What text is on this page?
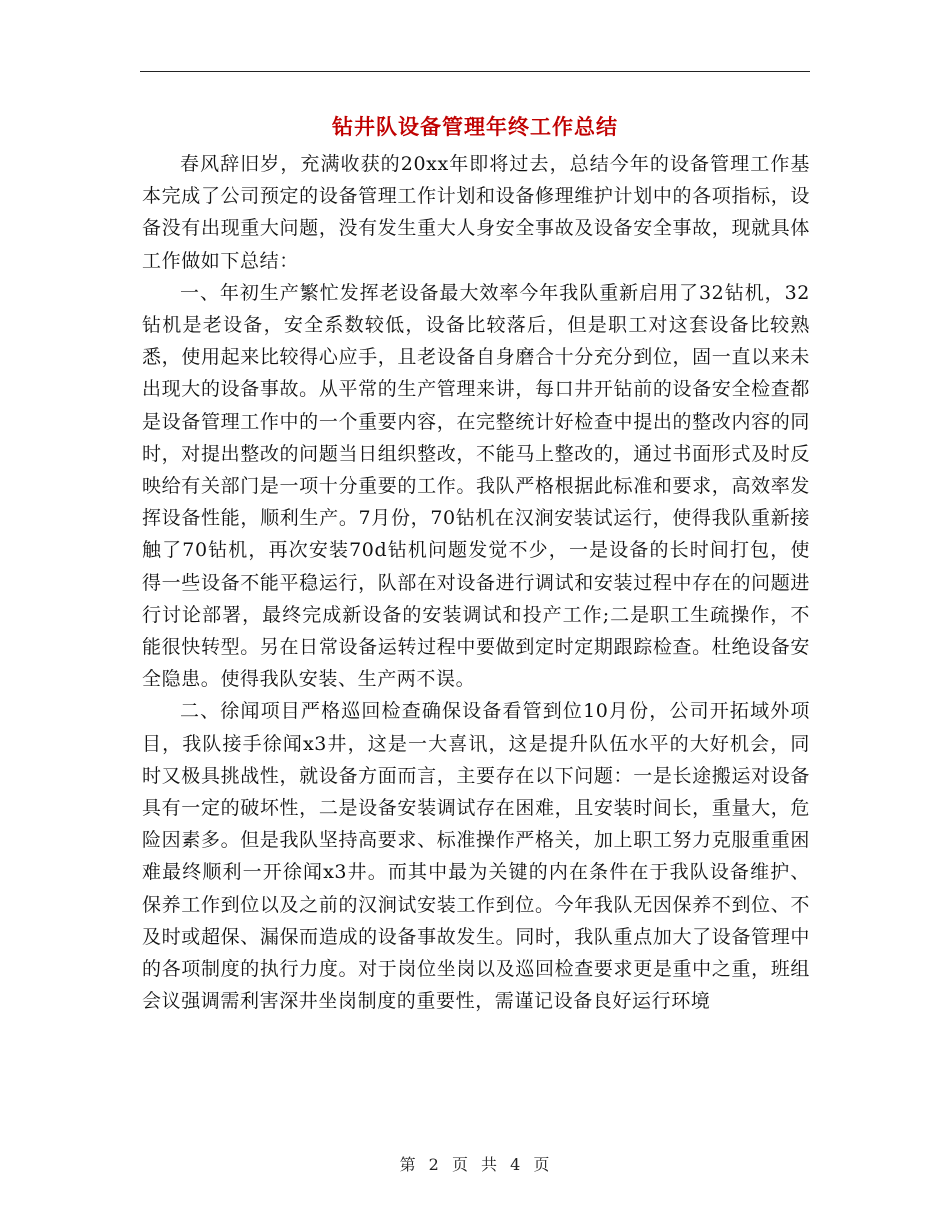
钻井队设备管理年终工作总结

春风辞旧岁，充满收获的20xx年即将过去，总结今年的设备管理工作基本完成了公司预定的设备管理工作计划和设备修理维护计划中的各项指标，设备没有出现重大问题，没有发生重大人身安全事故及设备安全事故，现就具体工作做如下总结：

一、年初生产繁忙发挥老设备最大效率今年我队重新启用了32钻机，32钻机是老设备，安全系数较低，设备比较落后，但是职工对这套设备比较熟悉，使用起来比较得心应手，且老设备自身磨合十分充分到位，固一直以来未出现大的设备事故。从平常的生产管理来讲，每口井开钻前的设备安全检查都是设备管理工作中的一个重要内容，在完整统计好检查中提出的整改内容的同时，对提出整改的问题当日组织整改，不能马上整改的，通过书面形式及时反映给有关部门是一项十分重要的工作。我队严格根据此标准和要求，高效率发挥设备性能，顺利生产。7月份，70钻机在汉涧安装试运行，使得我队重新接触了70钻机，再次安装70d钻机问题发觉不少，一是设备的长时间打包，使得一些设备不能平稳运行，队部在对设备进行调试和安装过程中存在的问题进行讨论部署，最终完成新设备的安装调试和投产工作;二是职工生疏操作，不能很快转型。另在日常设备运转过程中要做到定时定期跟踪检查。杜绝设备安全隐患。使得我队安装、生产两不误。

二、徐闻项目严格巡回检查确保设备看管到位10月份，公司开拓域外项目，我队接手徐闻x3井，这是一大喜讯，这是提升队伍水平的大好机会，同时又极具挑战性，就设备方面而言，主要存在以下问题：一是长途搬运对设备具有一定的破坏性，二是设备安装调试存在困难，且安装时间长，重量大，危险因素多。但是我队坚持高要求、标准操作严格关，加上职工努力克服重重困难最终顺利一开徐闻x3井。而其中最为关键的内在条件在于我队设备维护、保养工作到位以及之前的汉涧试安装工作到位。今年我队无因保养不到位、不及时或超保、漏保而造成的设备事故发生。同时，我队重点加大了设备管理中的各项制度的执行力度。对于岗位坐岗以及巡回检查要求更是重中之重，班组会议强调需利害深井坐岗制度的重要性，需谨记设备良好运行环境

第 2 页 共 4 页
